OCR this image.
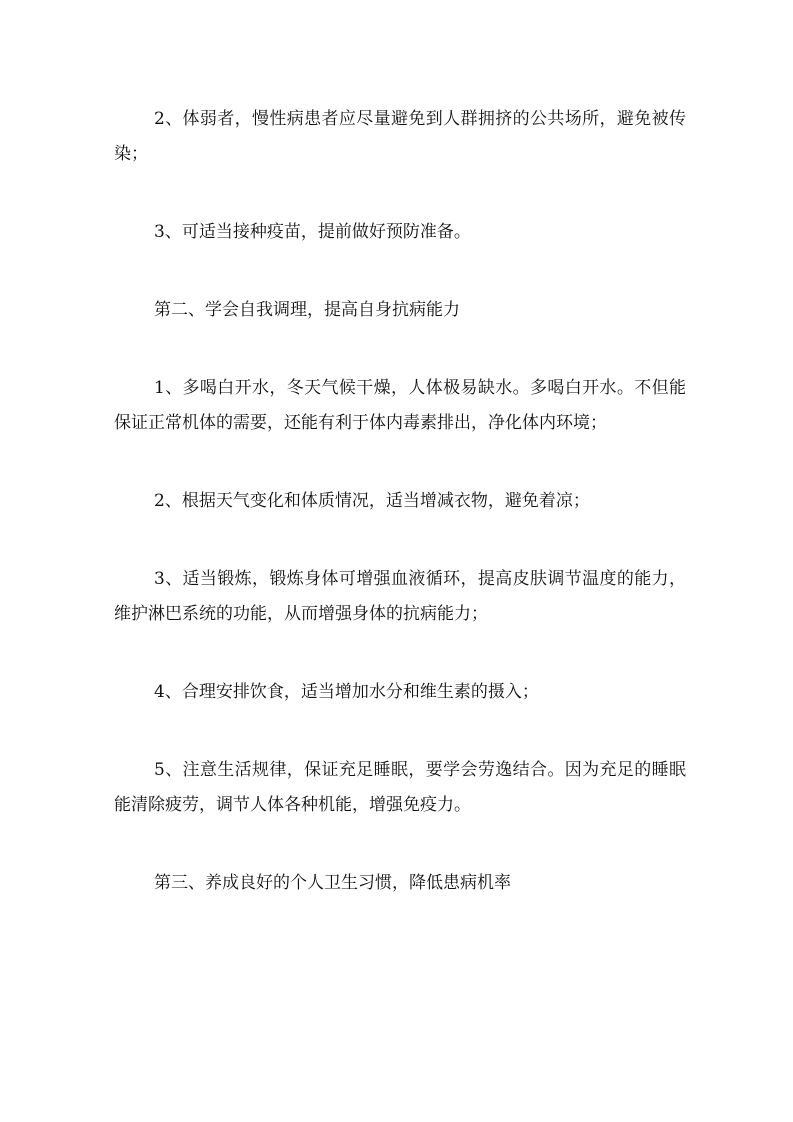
2、体弱者，慢性病患者应尽量避免到人群拥挤的公共场所，避免被传染；

3、可适当接种疫苗，提前做好预防准备。

第二、学会自我调理，提高自身抗病能力

1、多喝白开水，冬天气候干燥，人体极易缺水。多喝白开水。不但能保证正常机体的需要，还能有利于体内毒素排出，净化体内环境；

2、根据天气变化和体质情况，适当增减衣物，避免着凉；

3、适当锻炼，锻炼身体可增强血液循环，提高皮肤调节温度的能力，维护淋巴系统的功能，从而增强身体的抗病能力；

4、合理安排饮食，适当增加水分和维生素的摄入；

5、注意生活规律，保证充足睡眠，要学会劳逸结合。因为充足的睡眠能清除疲劳，调节人体各种机能，增强免疫力。

第三、养成良好的个人卫生习惯，降低患病机率
